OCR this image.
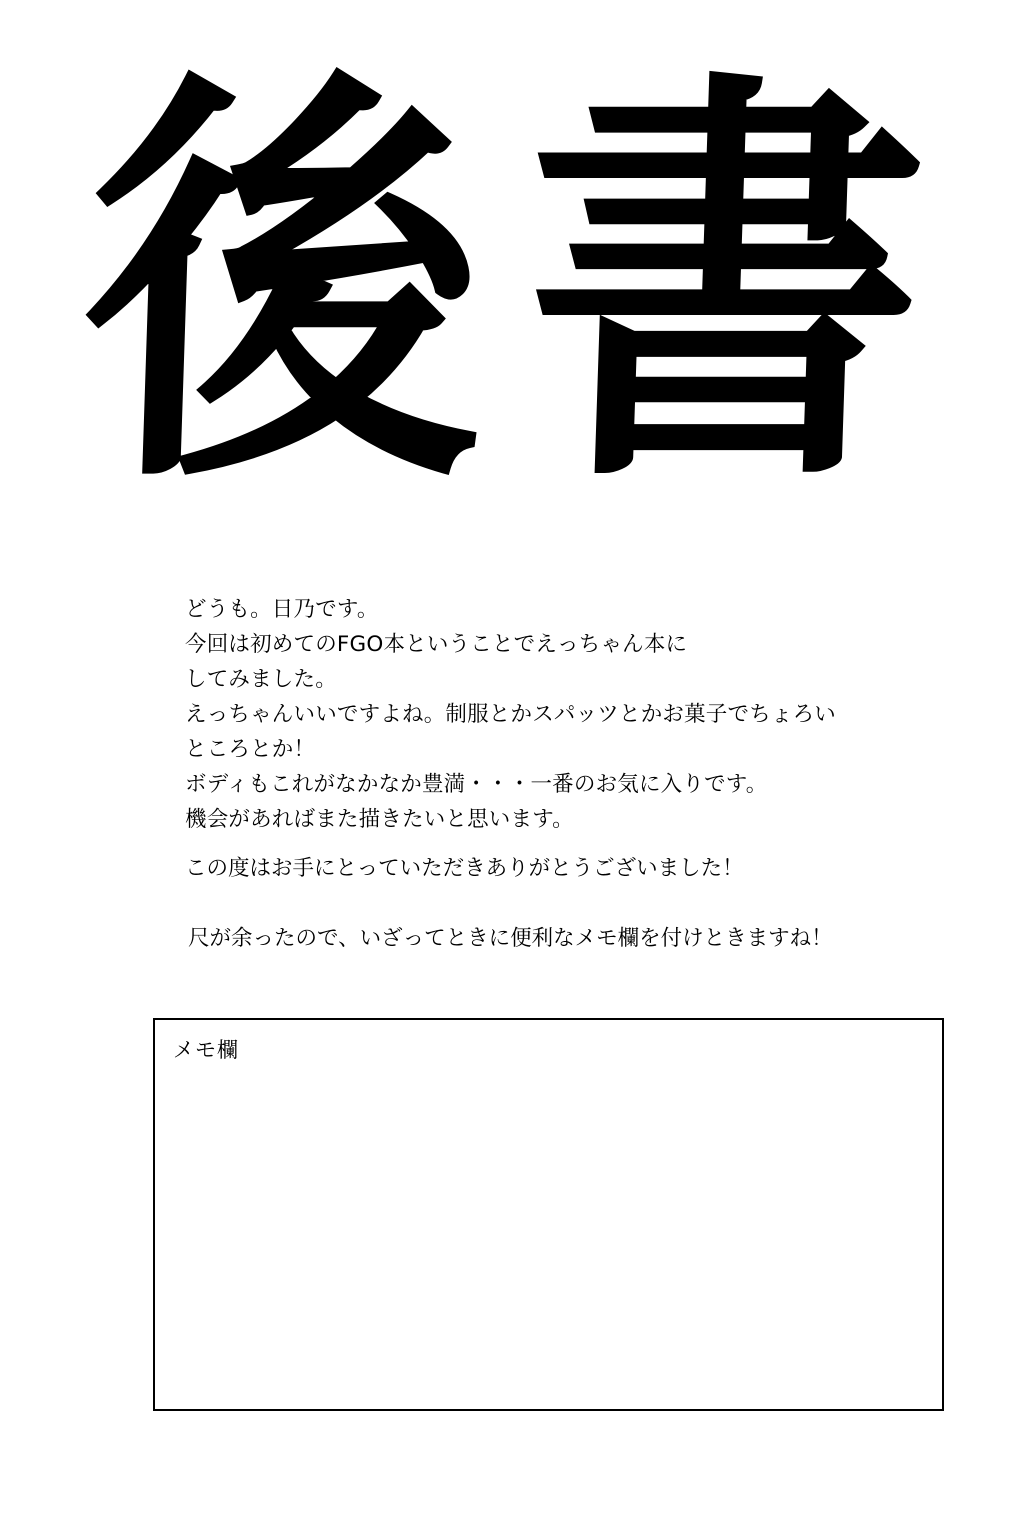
後書
どうも。日乃です。
今回は初めてのFGO本ということでえっちゃん本に
してみました。
えっちゃんいいですよね。制服とかスパッツとかお菓子でちょろい
ところとか！
ボディもこれがなかなか豊満・・・一番のお気に入りです。
機会があればまた描きたいと思います。
この度はお手にとっていただきありがとうございました！
尺が余ったので、いざってときに便利なメモ欄を付けときますね！
メモ欄
